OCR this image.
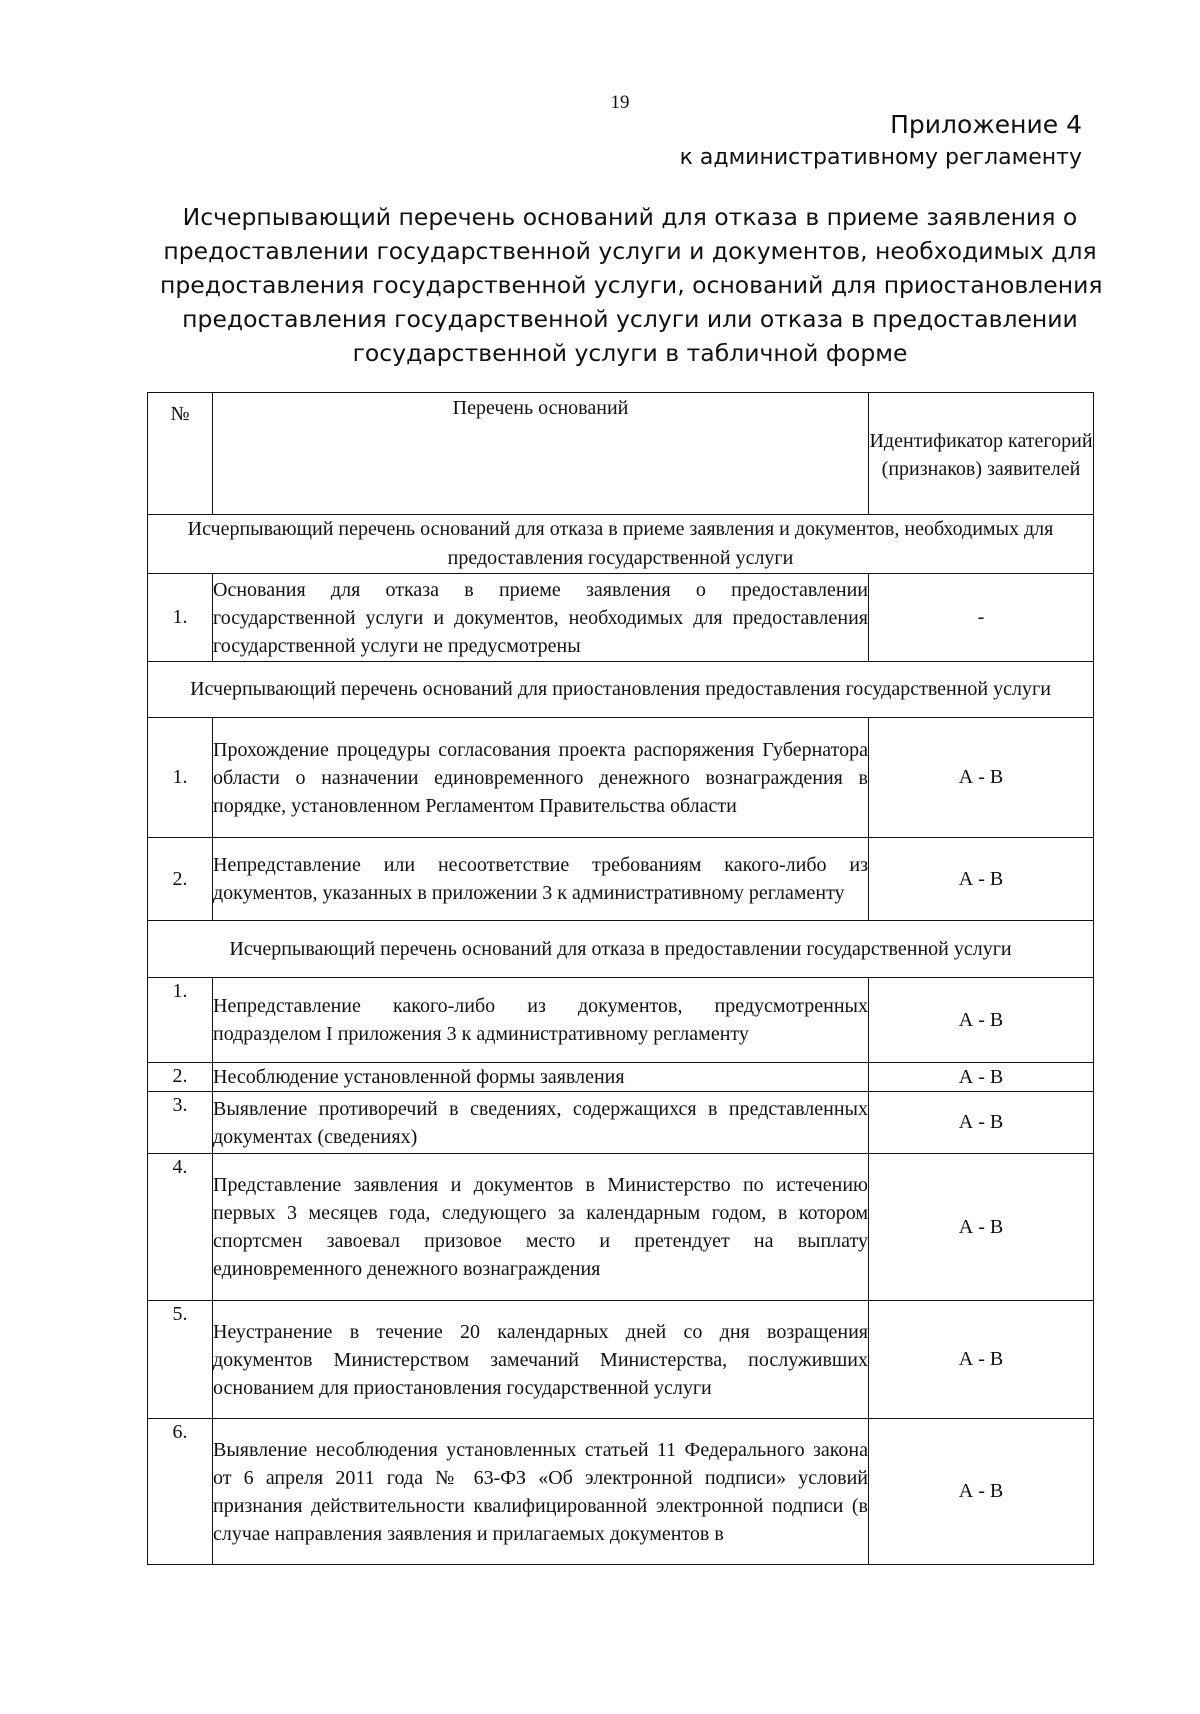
19
Приложение 4
к административному регламенту
Исчерпывающий перечень оснований для отказа в приеме заявления о
предоставлении государственной услуги и документов, необходимых для
предоставления государственной услуги, оснований для приостановления
предоставления государственной услуги или отказа в предоставлении
государственной услуги в табличной форме
№	Перечень оснований	Идентификатор категорий (признаков) заявителей
Исчерпывающий перечень оснований для отказа в приеме заявления и документов, необходимых для предоставления государственной услуги		
1.	Основания для отказа в приеме заявления о предоставлении государственной услуги и документов, необходимых для предоставления государственной услуги не предусмотрены	-
Исчерпывающий перечень оснований для приостановления предоставления государственной услуги		
1.	Прохождение процедуры согласования проекта распоряжения Губернатора области о назначении единовременного денежного вознаграждения в порядке, установленном Регламентом Правительства области	А - В
2.	Непредставление или несоответствие требованиям какого-либо из документов, указанных в приложении 3 к административному регламенту	А - В
Исчерпывающий перечень оснований для отказа в предоставлении государственной услуги		
1.	Непредставление какого-либо из документов, предусмотренных подразделом I приложения 3 к административному регламенту	А - В
2.	Несоблюдение установленной формы заявления	А - В
3.	Выявление противоречий в сведениях, содержащихся в представленных документах (сведениях)	А - В
4.	Представление заявления и документов в Министерство по истечению первых 3 месяцев года, следующего за календарным годом, в котором спортсмен завоевал призовое место и претендует на выплату единовременного денежного вознаграждения	А - В
5.	Неустранение в течение 20 календарных дней со дня возращения документов Министерством замечаний Министерства, послуживших основанием для приостановления государственной услуги	А - В
6.	Выявление несоблюдения установленных статьей 11 Федерального закона от 6 апреля 2011 года № 63-ФЗ «Об электронной подписи» условий признания действительности квалифицированной электронной подписи (в случае направления заявления и прилагаемых документов в	А - В
